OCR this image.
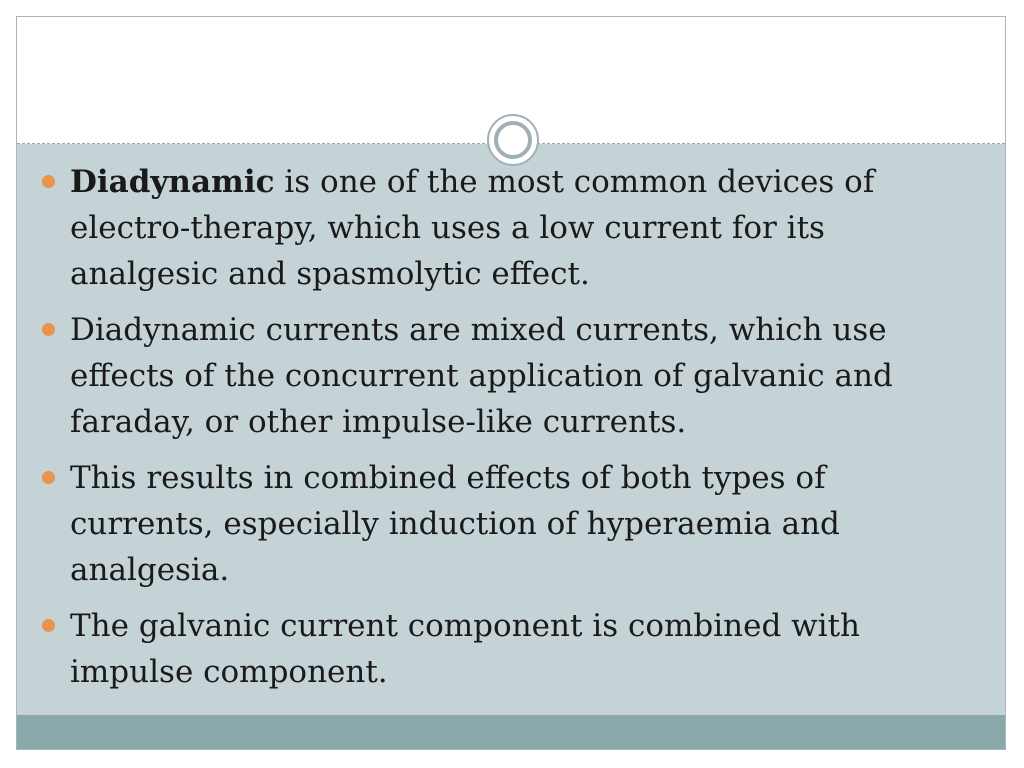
Diadynamic is one of the most common devices of electro-therapy, which uses a low current for its analgesic and spasmolytic effect.
Diadynamic currents are mixed currents, which use effects of the concurrent application of galvanic and faraday, or other impulse-like currents.
This results in combined effects of both types of currents, especially induction of hyperaemia and analgesia.
The galvanic current component is combined with impulse component.
